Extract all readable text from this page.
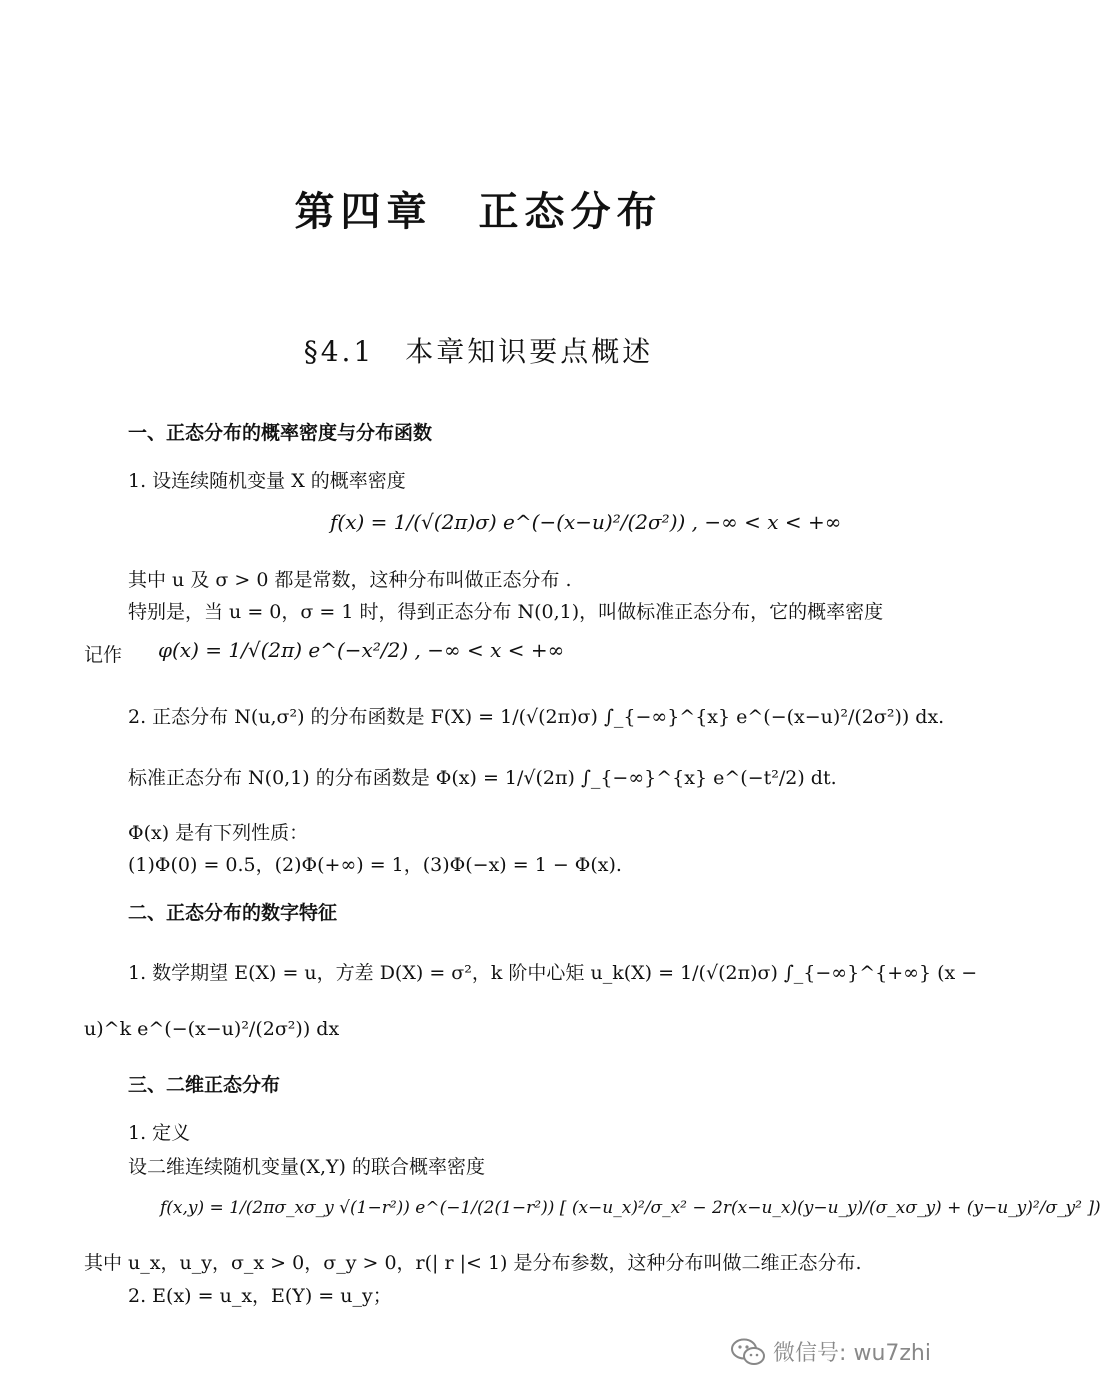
第四章　正态分布
§4.1　本章知识要点概述
一、正态分布的概率密度与分布函数
1. 设连续随机变量 X 的概率密度
f(x) = 1/(√(2π)σ) e^(−(x−u)²/(2σ²)) , −∞ < x < +∞
其中 u 及 σ > 0 都是常数，这种分布叫做正态分布 .
特别是，当 u = 0，σ = 1 时，得到正态分布 N(0,1)，叫做标准正态分布，它的概率密度
记作 φ(x) = 1/√(2π) e^(−x²/2) , −∞ < x < +∞
2. 正态分布 N(u,σ²) 的分布函数是 F(X) = 1/(√(2π)σ) ∫_{−∞}^{x} e^(−(x−u)²/(2σ²)) dx.
标准正态分布 N(0,1) 的分布函数是 Φ(x) = 1/√(2π) ∫_{−∞}^{x} e^(−t²/2) dt.
Φ(x) 是有下列性质：
(1)Φ(0) = 0.5，(2)Φ(+∞) = 1，(3)Φ(−x) = 1 − Φ(x).
二、正态分布的数字特征
1. 数学期望 E(X) = u，方差 D(X) = σ²，k 阶中心矩 u_k(X) = 1/(√(2π)σ) ∫_{−∞}^{+∞} (x −
u)^k e^(−(x−u)²/(2σ²)) dx
三、二维正态分布
1. 定义
设二维连续随机变量(X,Y) 的联合概率密度
f(x,y) = 1/(2πσ_xσ_y √(1−r²)) e^(−1/(2(1−r²)) [ (x−u_x)²/σ_x² − 2r(x−u_x)(y−u_y)/(σ_xσ_y) + (y−u_y)²/σ_y² ])
其中 u_x，u_y，σ_x > 0，σ_y > 0，r(| r |< 1) 是分布参数，这种分布叫做二维正态分布.
2. E(x) = u_x，E(Y) = u_y；
微信号: wu7zhi
